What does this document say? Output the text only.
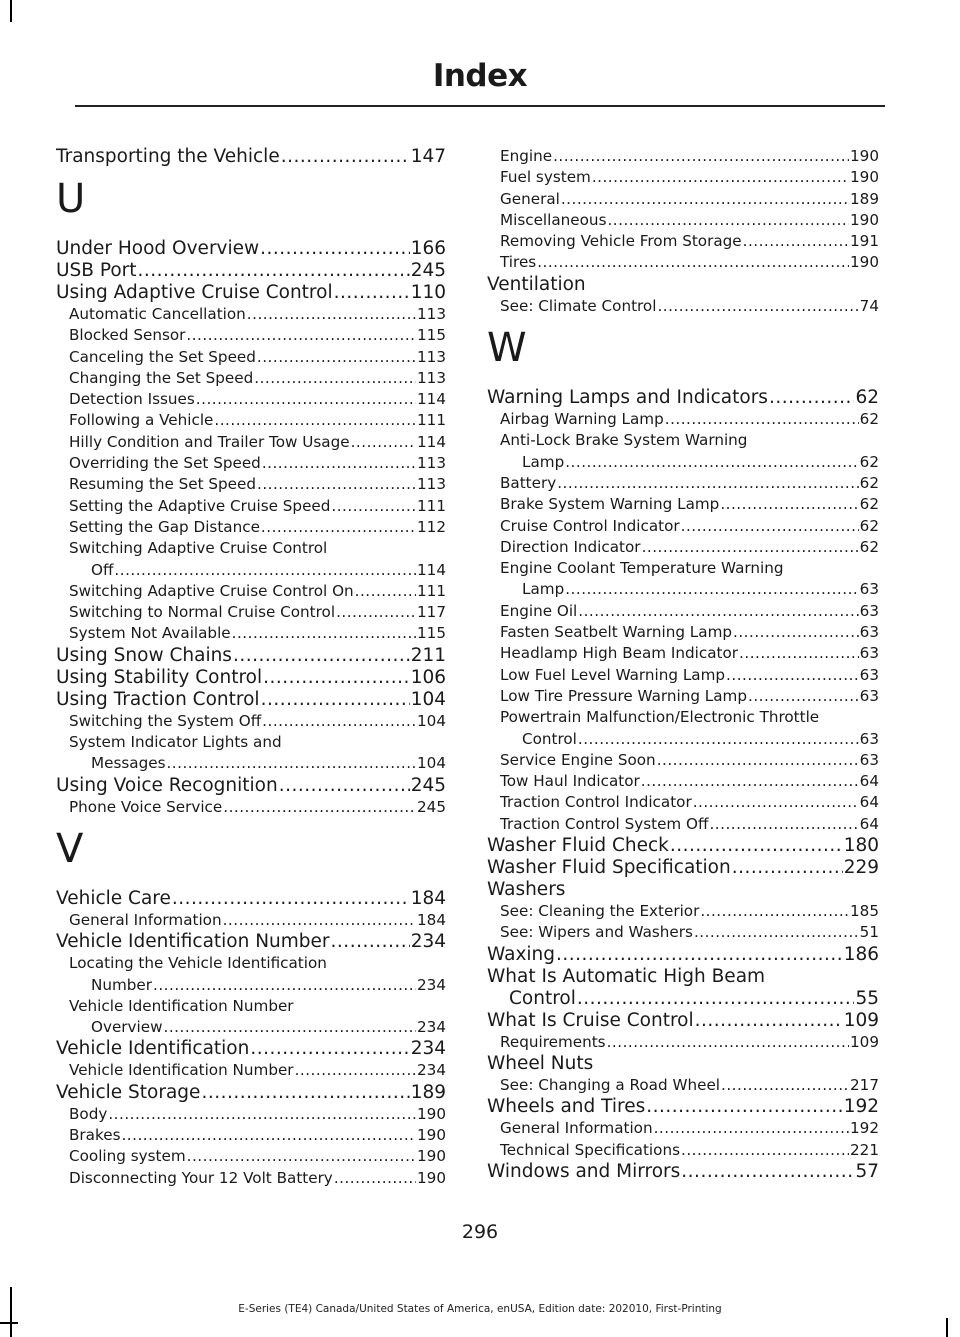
Index
Transporting the Vehicle .....	147
U
Under Hood Overview .....	166
USB Port .....	245
Using Adaptive Cruise Control .....	110
Automatic Cancellation .....	113
Blocked Sensor .....	115
Canceling the Set Speed .....	113
Changing the Set Speed .....	113
Detection Issues .....	114
Following a Vehicle .....	111
Hilly Condition and Trailer Tow Usage .....	114
Overriding the Set Speed .....	113
Resuming the Set Speed .....	113
Setting the Adaptive Cruise Speed .....	111
Setting the Gap Distance .....	112
Switching Adaptive Cruise Control
Off .....	114
Switching Adaptive Cruise Control On .....	111
Switching to Normal Cruise Control .....	117
System Not Available .....	115
Using Snow Chains .....	211
Using Stability Control .....	106
Using Traction Control .....	104
Switching the System Off .....	104
System Indicator Lights and
Messages .....	104
Using Voice Recognition .....	245
Phone Voice Service .....	245
V
Vehicle Care .....	184
General Information .....	184
Vehicle Identification Number .....	234
Locating the Vehicle Identification
Number .....	234
Vehicle Identification Number
Overview .....	234
Vehicle Identification .....	234
Vehicle Identification Number .....	234
Vehicle Storage .....	189
Body .....	190
Brakes .....	190
Cooling system .....	190
Disconnecting Your 12 Volt Battery .....	190
Engine .....	190
Fuel system .....	190
General .....	189
Miscellaneous .....	190
Removing Vehicle From Storage .....	191
Tires .....	190
Ventilation
See: Climate Control .....	74
W
Warning Lamps and Indicators .....	62
Airbag Warning Lamp .....	62
Anti-Lock Brake System Warning
Lamp .....	62
Battery .....	62
Brake System Warning Lamp .....	62
Cruise Control Indicator .....	62
Direction Indicator .....	62
Engine Coolant Temperature Warning
Lamp .....	63
Engine Oil .....	63
Fasten Seatbelt Warning Lamp .....	63
Headlamp High Beam Indicator .....	63
Low Fuel Level Warning Lamp .....	63
Low Tire Pressure Warning Lamp .....	63
Powertrain Malfunction/Electronic Throttle
Control .....	63
Service Engine Soon .....	63
Tow Haul Indicator .....	64
Traction Control Indicator .....	64
Traction Control System Off .....	64
Washer Fluid Check .....	180
Washer Fluid Specification .....	229
Washers
See: Cleaning the Exterior .....	185
See: Wipers and Washers .....	51
Waxing .....	186
What Is Automatic High Beam
Control .....	55
What Is Cruise Control .....	109
Requirements .....	109
Wheel Nuts
See: Changing a Road Wheel .....	217
Wheels and Tires .....	192
General Information .....	192
Technical Specifications .....	221
Windows and Mirrors .....	57
296
E-Series (TE4) Canada/United States of America, enUSA, Edition date: 202010, First-Printing
